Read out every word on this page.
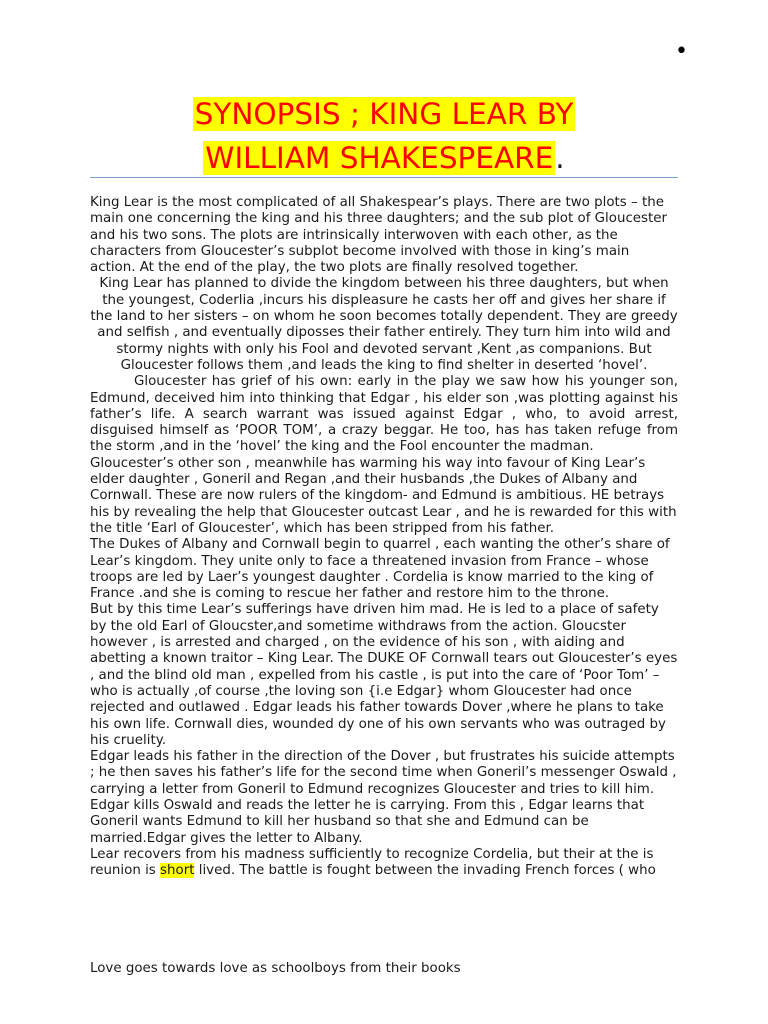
•
SYNOPSIS ; KING LEAR BY
WILLIAM SHAKESPEARE.

King Lear is the most complicated of all Shakespear’s plays. There are two plots – the main one concerning the king and his three daughters; and the sub plot of Gloucester and his two sons. The plots are intrinsically interwoven with each other, as the characters from Gloucester’s subplot become involved with those in king’s main action. At the end of the play, the two plots are finally resolved together.

King Lear has planned to divide the kingdom between his three daughters, but when the youngest, Coderlia ,incurs his displeasure he casts her off and gives her share if the land to her sisters – on whom he soon becomes totally dependent. They are greedy and selfish , and eventually diposses their father entirely. They turn him into wild and stormy nights with only his Fool and devoted servant ,Kent ,as companions. But Gloucester follows them ,and leads the king to find shelter in deserted ‘hovel’.

Gloucester has grief of his own: early in the play we saw how his younger son, Edmund, deceived him into thinking that Edgar , his elder son ,was plotting against his father’s life. A search warrant was issued against Edgar , who, to avoid arrest, disguised himself as ‘POOR TOM’, a crazy beggar. He too, has has taken refuge from the storm ,and in the ‘hovel’ the king and the Fool encounter the madman.

Gloucester’s other son , meanwhile has warming his way into favour of King Lear’s elder daughter , Goneril and Regan ,and their husbands ,the Dukes of Albany and Cornwall. These are now rulers of the kingdom- and Edmund is ambitious. HE betrays his by revealing the help that Gloucester outcast Lear , and he is rewarded for this with the title ‘Earl of Gloucester’, which has been stripped from his father.

The Dukes of Albany and Cornwall begin to quarrel , each wanting the other’s share of Lear’s kingdom. They unite only to face a threatened invasion from France – whose troops are led by Laer’s youngest daughter . Cordelia is know married to the king of France .and she is coming to rescue her father and restore him to the throne.

But by this time Lear’s sufferings have driven him mad. He is led to a place of safety by the old Earl of Gloucster,and sometime withdraws from the action. Gloucster however , is arrested and charged , on the evidence of his son , with aiding and abetting a known traitor – King Lear. The DUKE OF Cornwall tears out Gloucester’s eyes , and the blind old man , expelled from his castle , is put into the care of ‘Poor Tom’ – who is actually ,of course ,the loving son {i.e Edgar} whom Gloucester had once rejected and outlawed . Edgar leads his father towards Dover ,where he plans to take his own life. Cornwall dies, wounded dy one of his own servants who was outraged by his cruelity.

Edgar leads his father in the direction of the Dover , but frustrates his suicide attempts ; he then saves his father’s life for the second time when Goneril’s messenger Oswald , carrying a letter from Goneril to Edmund recognizes Gloucester and tries to kill him. Edgar kills Oswald and reads the letter he is carrying. From this , Edgar learns that Goneril wants Edmund to kill her husband so that she and Edmund can be married.Edgar gives the letter to Albany.

Lear recovers from his madness sufficiently to recognize Cordelia, but their at the is reunion is short lived. The battle is fought between the invading French forces ( who

Love goes towards love as schoolboys from their books
